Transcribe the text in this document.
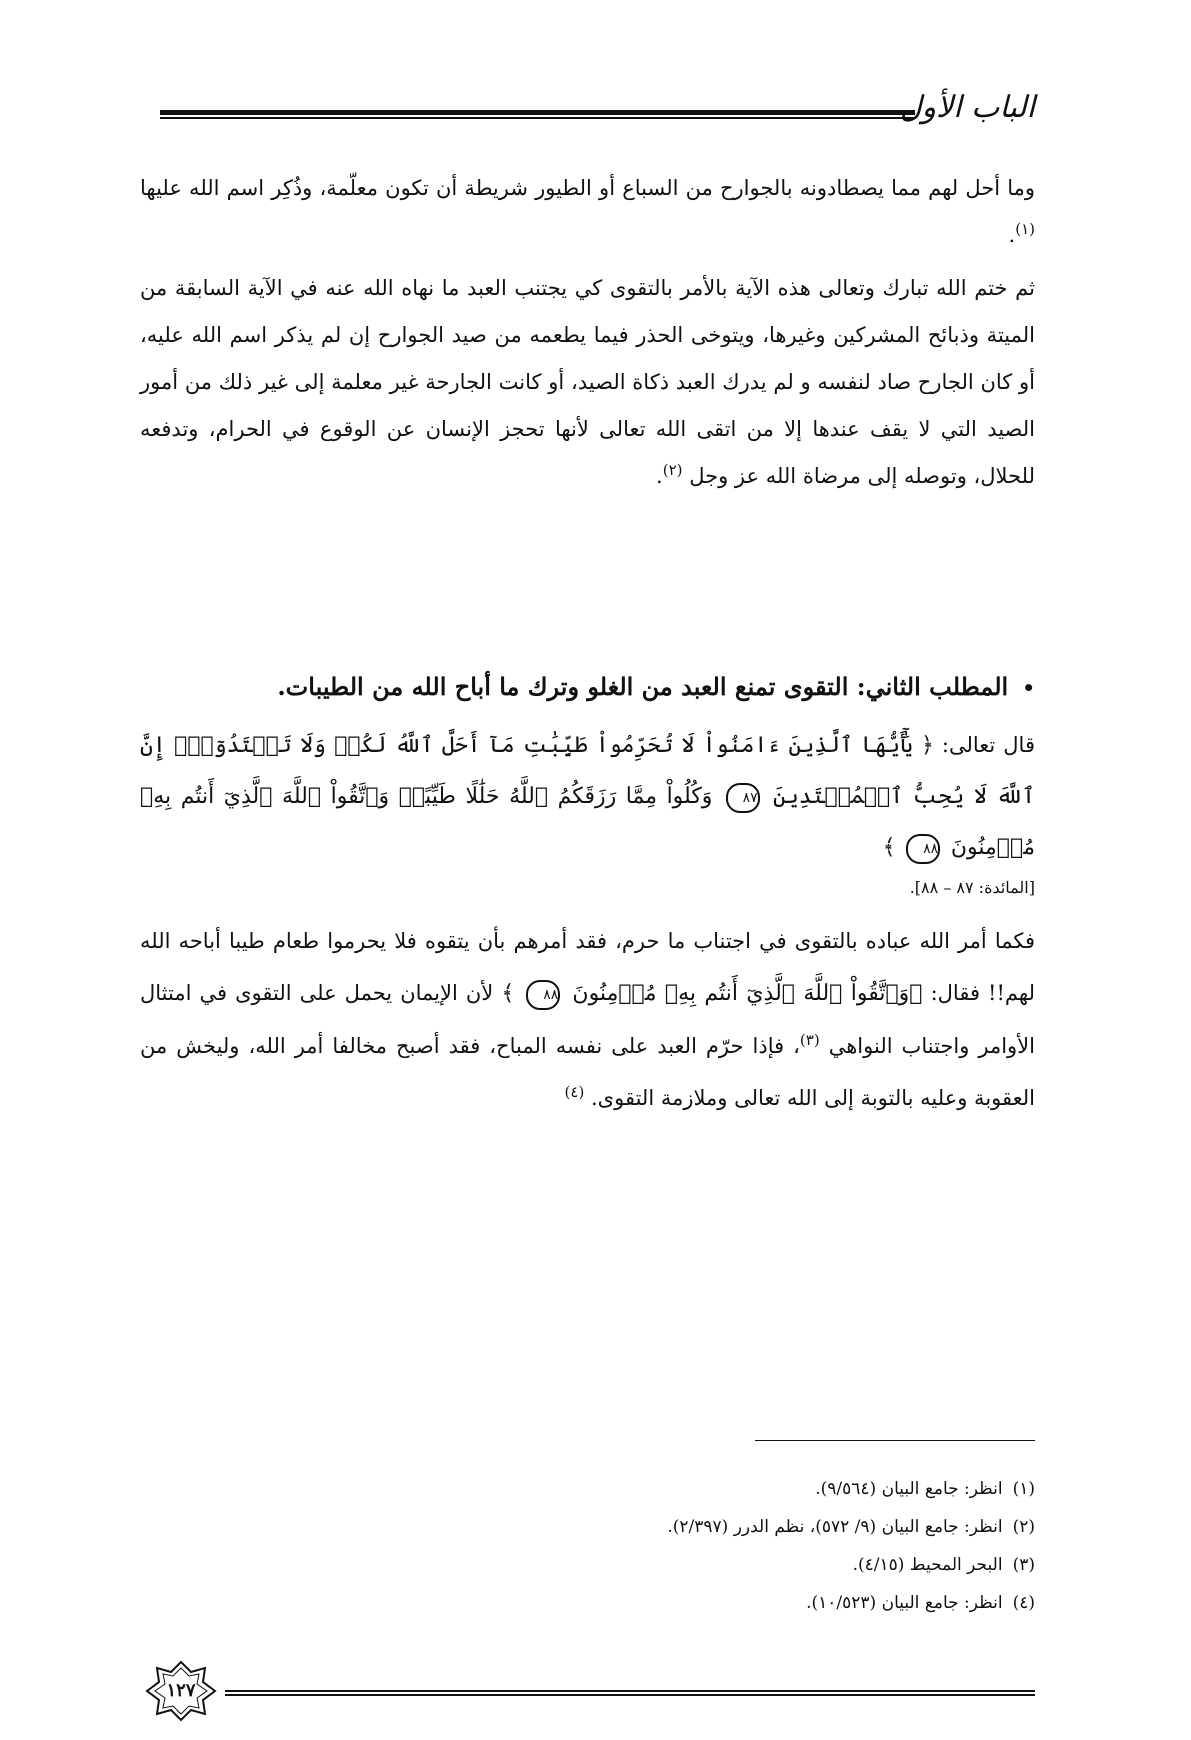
الباب الأول

وما أحل لهم مما يصطادونه بالجوارح من السباع أو الطيور شريطة أن تكون معلّمة، وذُكِر اسم الله عليها $^{(١)}$.

ثم ختم الله تبارك وتعالى هذه الآية بالأمر بالتقوى كي يجتنب العبد ما نهاه الله عنه في الآية السابقة من الميتة وذبائح المشركين وغيرها، ويتوخى الحذر فيما يطعمه من صيد الجوارح إن لم يذكر اسم الله عليه، أو كان الجارح صاد لنفسه و لم يدرك العبد ذكاة الصيد، أو كانت الجارحة غير معلمة إلى غير ذلك من أمور الصيد التي لا يقف عندها إلا من اتقى الله تعالى لأنها تحجز الإنسان عن الوقوع في الحرام، وتدفعه للحلال، وتوصله إلى مرضاة الله عز وجل $^{(٢)}$.

•المطلب الثاني: التقوى تمنع العبد من الغلو وترك ما أباح الله من الطيبات.
قال تعالى: ﴿ يَٰٓأَيُّهَا ٱلَّذِينَ ءَامَنُواْ لَا تُحَرِّمُواْ طَيِّبَٰتِ مَآ أَحَلَّ ٱللَّهُ لَكُمۡ وَلَا تَعۡتَدُوٓاْۚ إِنَّ ٱللَّهَ لَا يُحِبُّ ٱلۡمُعۡتَدِينَ ٨٧ وَكُلُواْ مِمَّا رَزَقَكُمُ ٱللَّهُ حَلَٰلًا طَيِّبًاۚ وَٱتَّقُواْ ٱللَّهَ ٱلَّذِيٓ أَنتُم بِهِۦ مُؤۡمِنُونَ ٨٨ ﴾
[المائدة: ٨٧ – ٨٨].

فكما أمر الله عباده بالتقوى في اجتناب ما حرم، فقد أمرهم بأن يتقوه فلا يحرموا طعام طيبا أباحه الله لهم!! فقال: ﴿وَٱتَّقُواْ ٱللَّهَ ٱلَّذِيٓ أَنتُم بِهِۦ مُؤۡمِنُونَ ٨٨ ﴾ لأن الإيمان يحمل على التقوى في امتثال الأوامر واجتناب النواهي $^{(٣)}$، فإذا حرّم العبد على نفسه المباح، فقد أصبح مخالفا أمر الله، وليخش من العقوبة وعليه بالتوبة إلى الله تعالى وملازمة التقوى. $^{(٤)}$

(١)انظر: جامع البيان (٩/٥٦٤).
(٢)انظر: جامع البيان (٩/ ٥٧٢)، نظم الدرر (٢/٣٩٧).
(٣)البحر المحيط (٤/١٥).
(٤)انظر: جامع البيان (١٠/٥٢٣).
١٢٧
